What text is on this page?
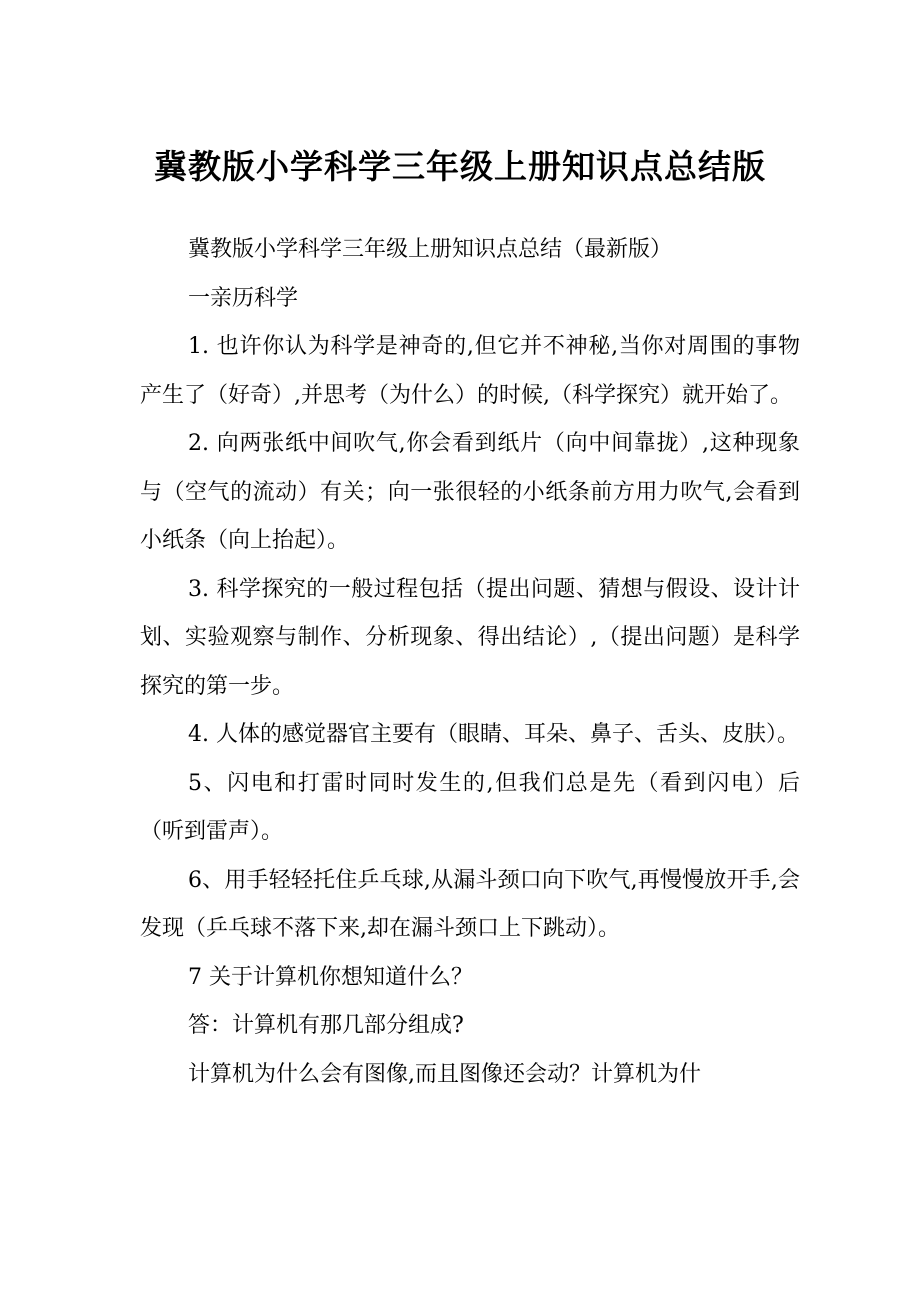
冀教版小学科学三年级上册知识点总结版

冀教版小学科学三年级上册知识点总结（最新版）

一亲历科学

1. 也许你认为科学是神奇的,但它并不神秘,当你对周围的事物产生了（好奇）,并思考（为什么）的时候,（科学探究）就开始了。

2. 向两张纸中间吹气,你会看到纸片（向中间靠拢）,这种现象与（空气的流动）有关；向一张很轻的小纸条前方用力吹气,会看到小纸条（向上抬起）。

3. 科学探究的一般过程包括（提出问题、猜想与假设、设计计划、实验观察与制作、分析现象、得出结论）,（提出问题）是科学探究的第一步。

4. 人体的感觉器官主要有（眼睛、耳朵、鼻子、舌头、皮肤）。

5、闪电和打雷时同时发生的,但我们总是先（看到闪电）后（听到雷声）。

6、用手轻轻托住乒乓球,从漏斗颈口向下吹气,再慢慢放开手,会发现（乒乓球不落下来,却在漏斗颈口上下跳动）。

7 关于计算机你想知道什么？

答：计算机有那几部分组成?

计算机为什么会有图像,而且图像还会动？计算机为什
